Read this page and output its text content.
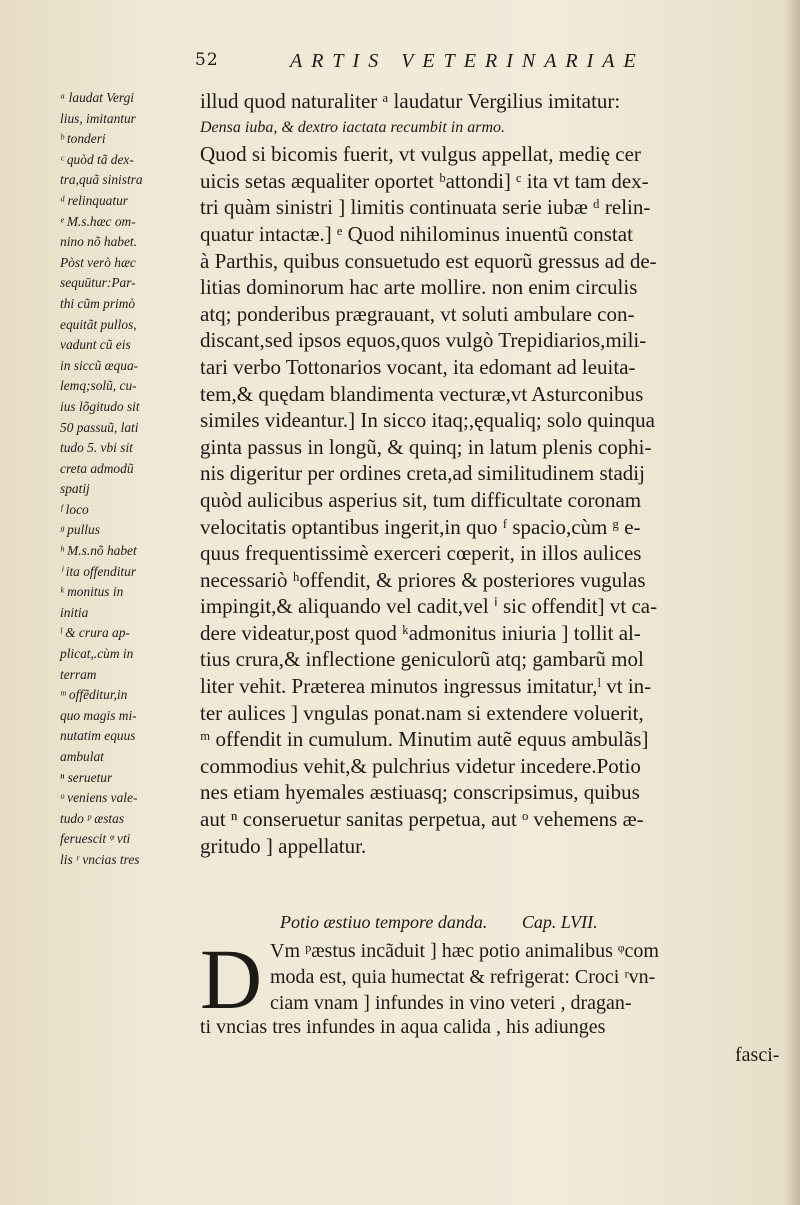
52	ARTIS VETERINARIAE
ᵃ laudat Vergi
lius, imitantur
ᵇ tonderi
ᶜ quòd tã dex-
tra,quã sinistra
ᵈ relinquatur
ᵉ M.s.hæc om-
nino nõ habet.
Pòst verò hæc
sequūtur:Par-
thi cũm primò
equitãt pullos,
vadunt cũ eis
in siccũ æqua-
lemq;solũ, cu-
ius lõgitudo sit
50 passuũ, lati
tudo 5. vbi sit
creta admodũ
spatij
ᶠ loco
ᵍ pullus
ʰ M.s.nõ habet
ⁱ ita offenditur
ᵏ monitus in
initia
ˡ & crura ap-
plicat,.cùm in
terram
ᵐ offẽditur,in
quo magis mi-
nutatim equus
ambulat
ⁿ seruetur
ᵒ veniens vale-
tudo ᵖ æstas
feruescit ᵠ vti
lis ʳ vncias tres
illud quod naturaliter ᵃ laudatur Vergilius imitatur:
Densa iuba, & dextro iactata recumbit in armo.
Quod si bicomis fuerit, vt vulgus appellat, medię cer
uicis setas æqualiter oportet ᵇattondi] ᶜ ita vt tam dex-
tri quàm sinistri ] limitis continuata serie iubæ ᵈ relin-
quatur intactæ.] ᵉ Quod nihilominus inuentũ constat
à Parthis, quibus consuetudo est equorũ gressus ad de-
litias dominorum hac arte mollire. non enim circulis
atq; ponderibus prægrauant, vt soluti ambulare con-
discant,sed ipsos equos,quos vulgò Trepidiarios,mili-
tari verbo Tottonarios vocant, ita edomant ad leuita-
tem,& quędam blandimenta vecturæ,vt Asturconibus
similes videantur.] In sicco itaq;,ęqualiq; solo quinqua
ginta passus in longũ, & quinq; in latum plenis cophi-
nis digeritur per ordines creta,ad similitudinem stadij
quòd aulicibus asperius sit, tum difficultate coronam
velocitatis optantibus ingerit,in quo ᶠ spacio,cùm ᵍ e-
quus frequentissimè exerceri cœperit, in illos aulices
necessariò ʰoffendit, & priores & posteriores vugulas
impingit,& aliquando vel cadit,vel ⁱ sic offendit] vt ca-
dere videatur,post quod ᵏadmonitus iniuria ] tollit al-
tius crura,& inflectione geniculorũ atq; gambarũ mol
liter vehit. Præterea minutos ingressus imitatur,ˡ vt in-
ter aulices ] vngulas ponat.nam si extendere voluerit,
ᵐ offendit in cumulum. Minutim autẽ equus ambulãs]
commodius vehit,& pulchrius videtur incedere.Potio
nes etiam hyemales æstiuasq; conscripsimus, quibus
aut ⁿ conseruetur sanitas perpetua, aut ᵒ vehemens æ-
gritudo ] appellatur.
Potio æstiuo tempore danda. Cap. LVII.
D Vm ᵖæstus incãduit ] hæc potio animalibus ᵠcom
moda est, quia humectat & refrigerat: Croci ʳvn-
ciam vnam ] infundes in vino veteri , dragan-
ti vncias tres infundes in aqua calida , his adiunges
fasci-
